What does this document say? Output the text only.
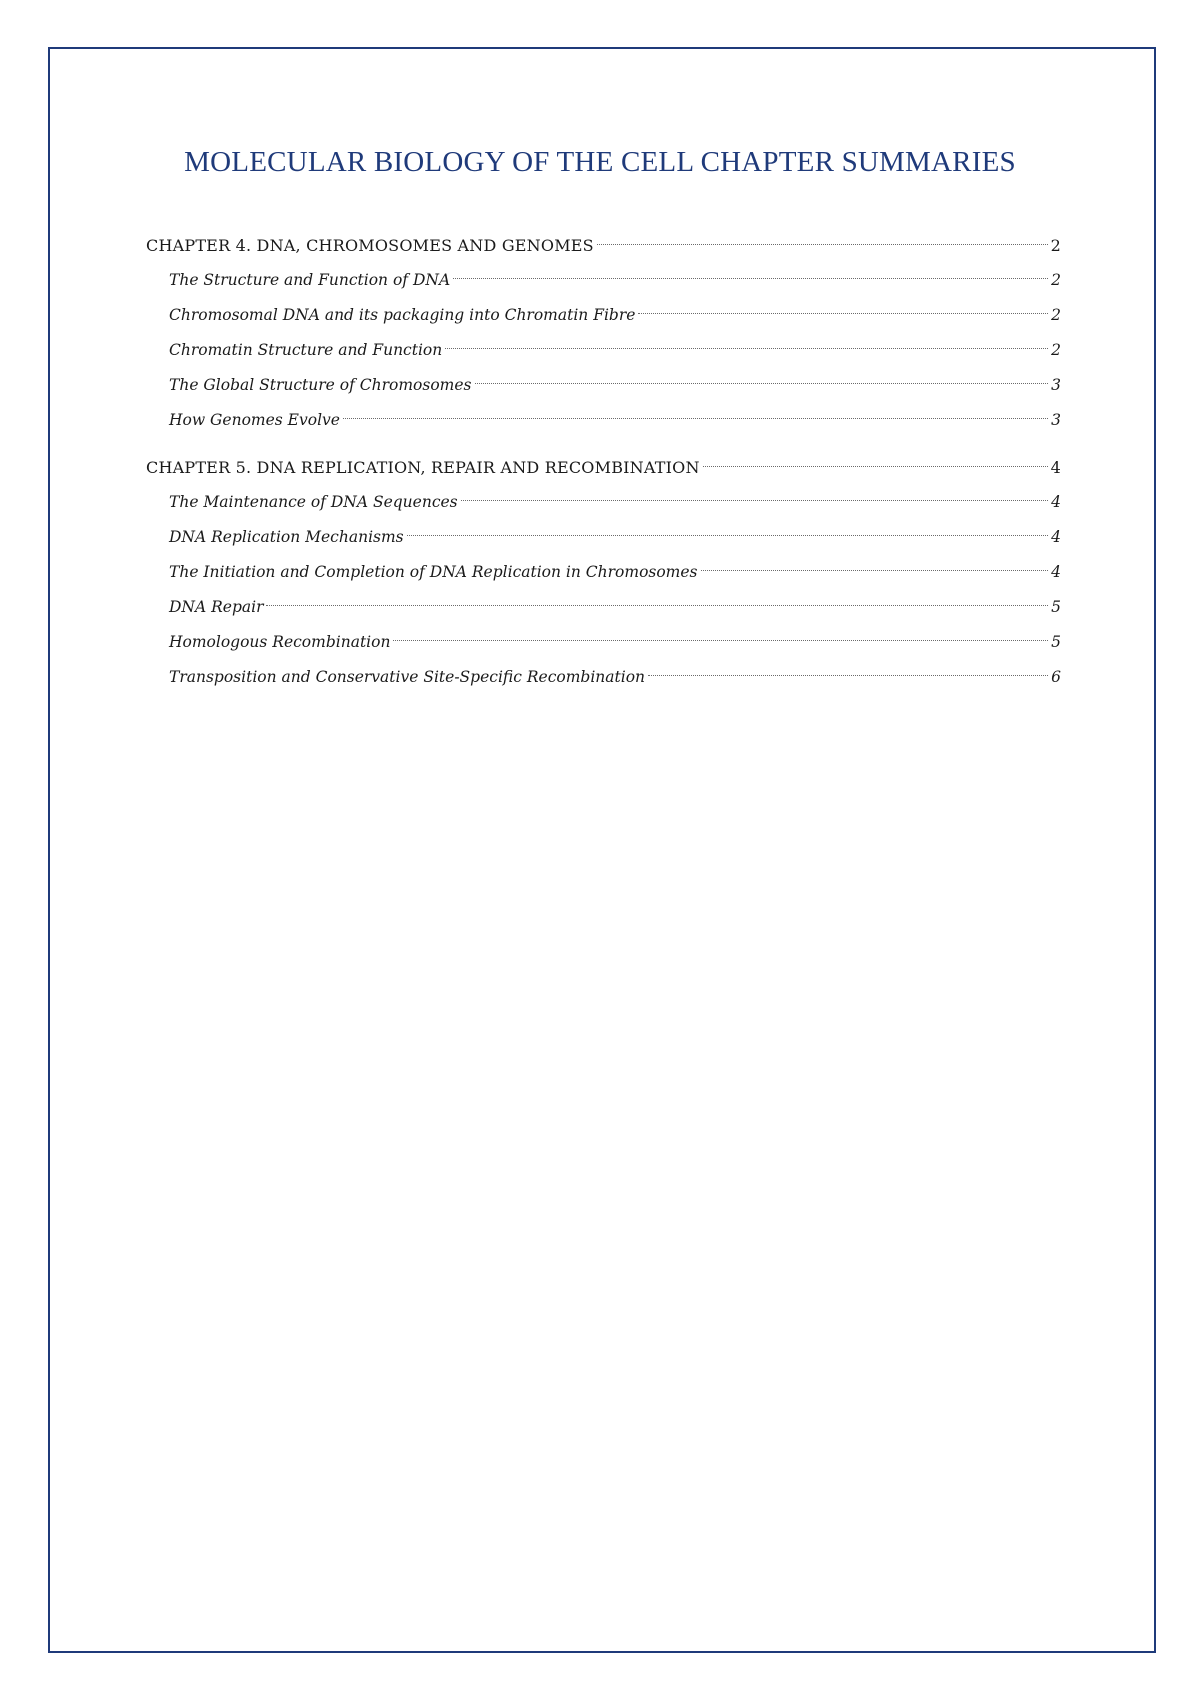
MOLECULAR BIOLOGY OF THE CELL CHAPTER SUMMARIES
CHAPTER 4. DNA, CHROMOSOMES AND GENOMES	2
The Structure and Function of DNA	2
Chromosomal DNA and its packaging into Chromatin Fibre	2
Chromatin Structure and Function	2
The Global Structure of Chromosomes	3
How Genomes Evolve	3
CHAPTER 5. DNA REPLICATION, REPAIR AND RECOMBINATION	4
The Maintenance of DNA Sequences	4
DNA Replication Mechanisms	4
The Initiation and Completion of DNA Replication in Chromosomes	4
DNA Repair	5
Homologous Recombination	5
Transposition and Conservative Site-Specific Recombination	6
